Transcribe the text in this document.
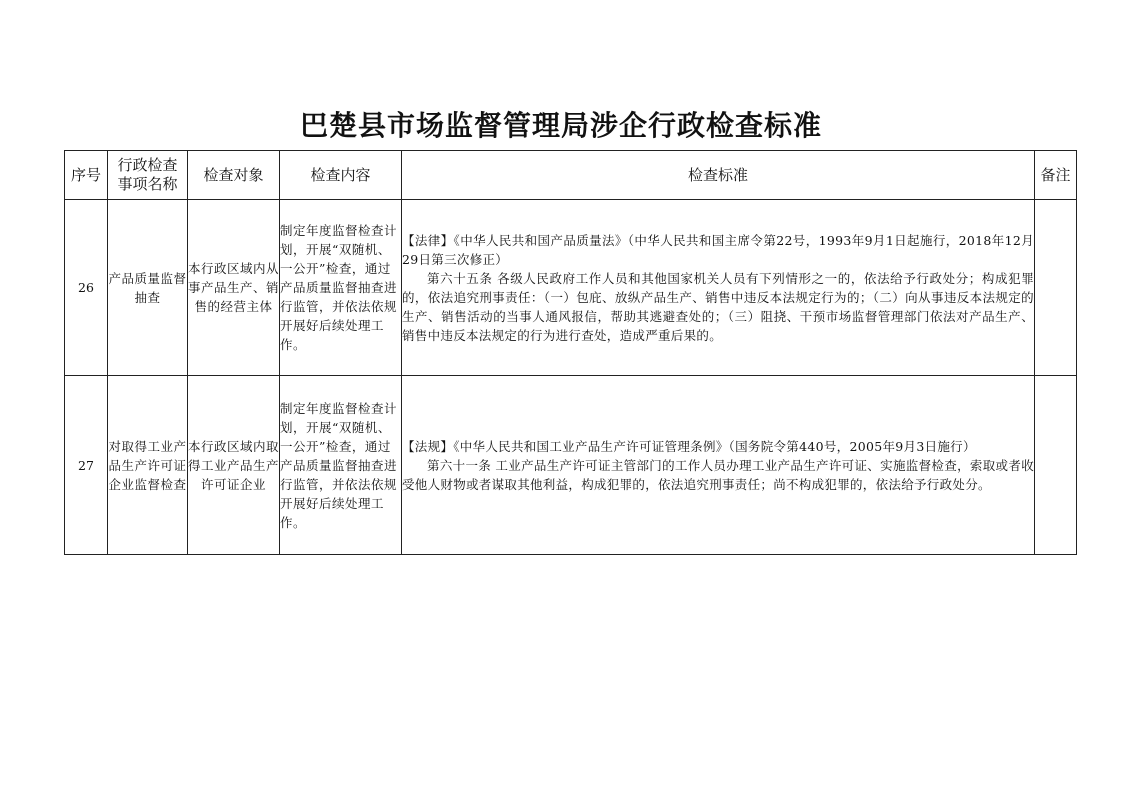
巴楚县市场监督管理局涉企行政检查标准
序号	行政检查事项名称	检查对象	检查内容	检查标准	备注
26	产品质量监督抽查	本行政区域内从事产品生产、销售的经营主体	制定年度监督检查计划，开展“双随机、一公开”检查，通过产品质量监督抽查进行监管，并依法依规开展好后续处理工作。	【法律】《中华人民共和国产品质量法》（中华人民共和国主席令第22号，1993年9月1日起施行，2018年12月29日第三次修正）
第六十五条 各级人民政府工作人员和其他国家机关人员有下列情形之一的，依法给予行政处分；构成犯罪的，依法追究刑事责任：（一）包庇、放纵产品生产、销售中违反本法规定行为的；（二）向从事违反本法规定的生产、销售活动的当事人通风报信，帮助其逃避查处的；（三）阻挠、干预市场监督管理部门依法对产品生产、销售中违反本法规定的行为进行查处，造成严重后果的。	

27	对取得工业产品生产许可证企业监督检查	本行政区域内取得工业产品生产许可证企业	制定年度监督检查计划，开展“双随机、一公开”检查，通过产品质量监督抽查进行监管，并依法依规开展好后续处理工作。	【法规】《中华人民共和国工业产品生产许可证管理条例》（国务院令第440号，2005年9月3日施行）
第六十一条 工业产品生产许可证主管部门的工作人员办理工业产品生产许可证、实施监督检查，索取或者收受他人财物或者谋取其他利益，构成犯罪的，依法追究刑事责任；尚不构成犯罪的，依法给予行政处分。	
